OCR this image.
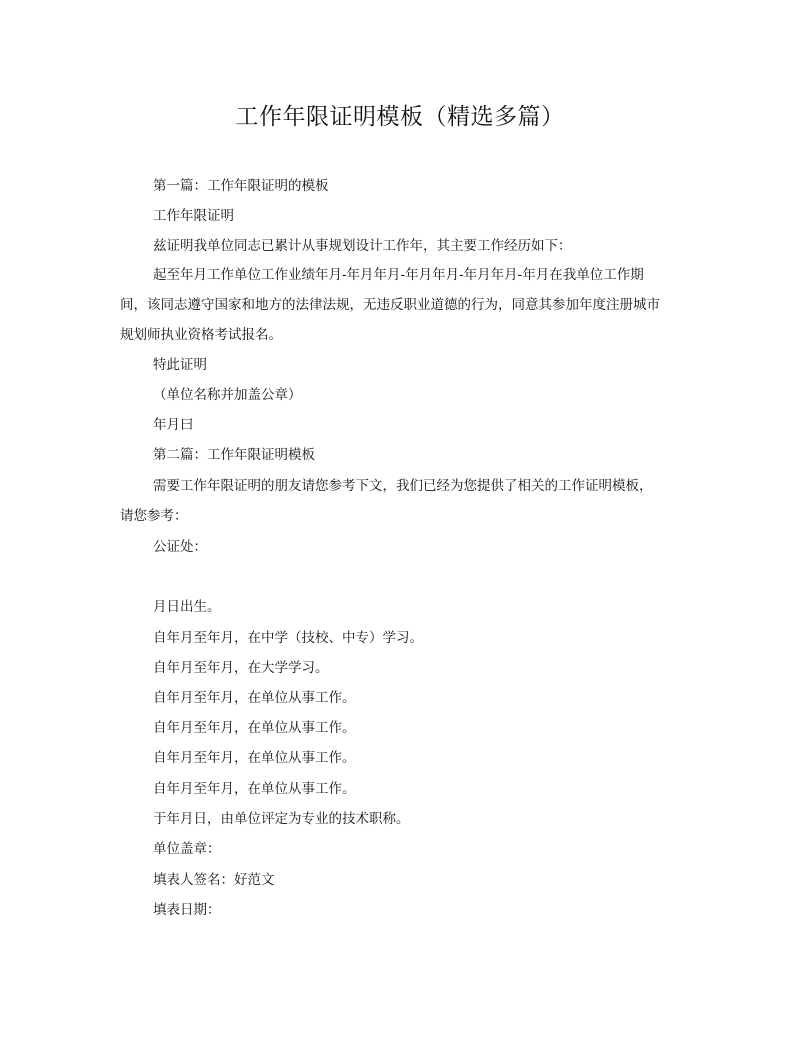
工作年限证明模板（精选多篇）
第一篇：工作年限证明的模板
工作年限证明
兹证明我单位同志已累计从事规划设计工作年，其主要工作经历如下：
起至年月工作单位工作业绩年月-年月年月-年月年月-年月年月-年月在我单位工作期
间，该同志遵守国家和地方的法律法规，无违反职业道德的行为，同意其参加年度注册城市
规划师执业资格考试报名。
特此证明
（单位名称并加盖公章）
年月曰
第二篇：工作年限证明模板
需要工作年限证明的朋友请您参考下文，我们已经为您提供了相关的工作证明模板，
请您参考：
公证处：
月日出生。
自年月至年月，在中学（技校、中专）学习。
自年月至年月，在大学学习。
自年月至年月，在单位从事工作。
自年月至年月，在单位从事工作。
自年月至年月，在单位从事工作。
自年月至年月，在单位从事工作。
于年月日，由单位评定为专业的技术职称。
单位盖章：
填表人签名：好范文
填表日期：
